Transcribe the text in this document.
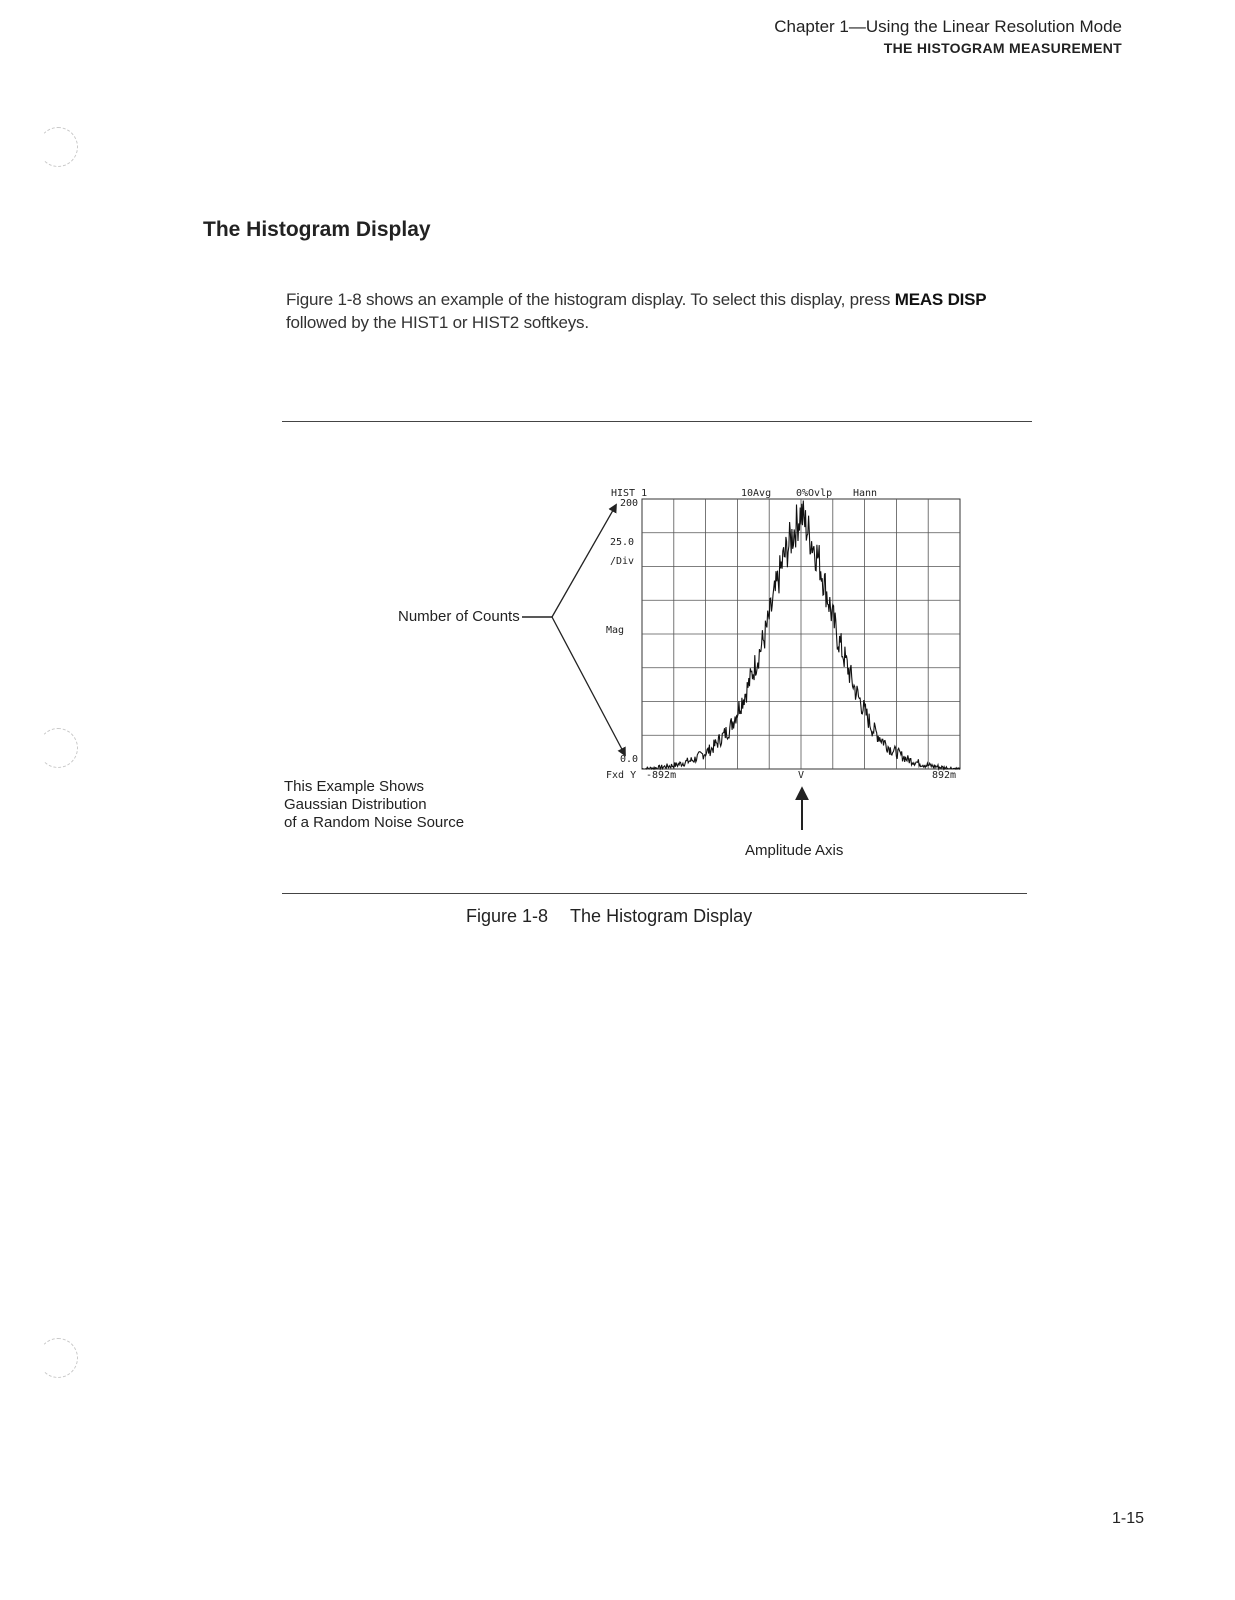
Chapter 1—Using the Linear Resolution Mode
THE HISTOGRAM MEASUREMENT
The Histogram Display
Figure 1-8 shows an example of the histogram display. To select this display, press MEAS DISP
followed by the HIST1 or HIST2 softkeys.
Number of Counts
HIST 1	10Avg 0%Ovlp Hann
200
25.0
/Div
Mag
0.0
Fxd Y -892m	V	892m
This Example Shows
Gaussian Distribution
of a Random Noise Source
Amplitude Axis
Figure 1-8 The Histogram Display
1-15
